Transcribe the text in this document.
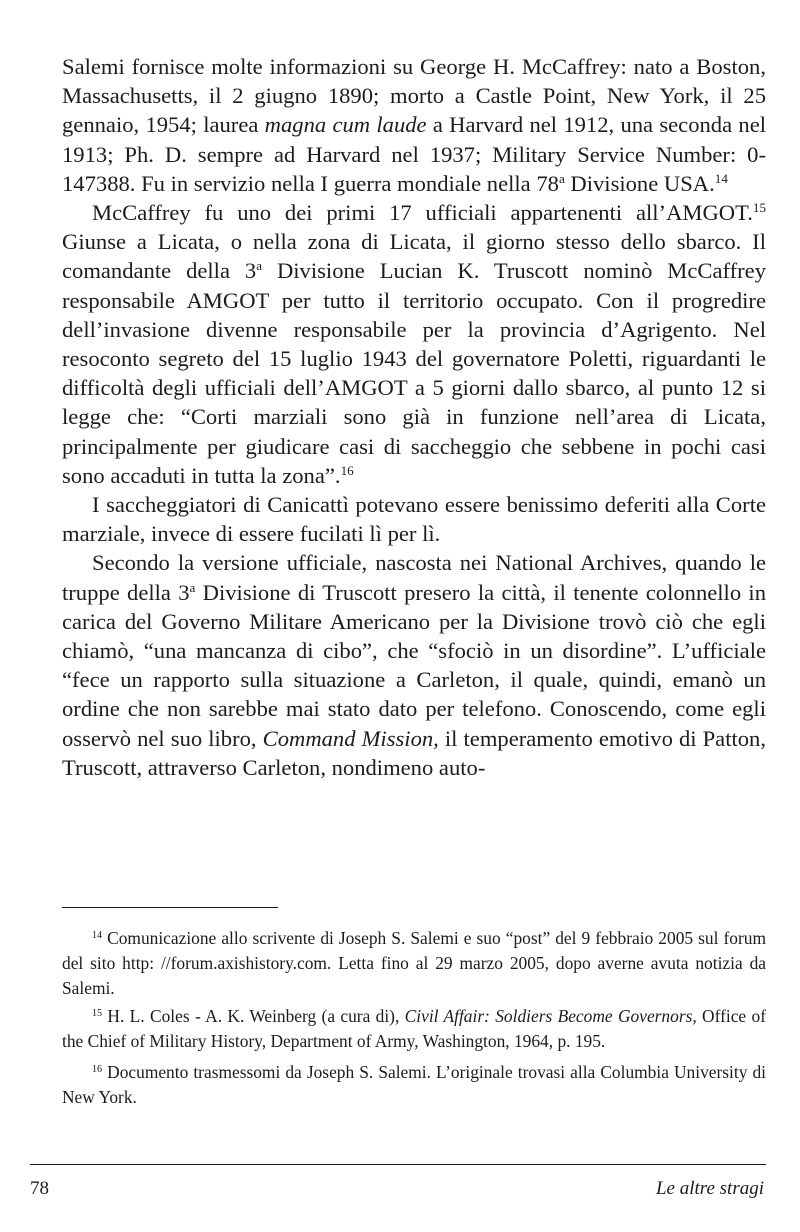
Salemi fornisce molte informazioni su George H. McCaffrey: nato a Boston, Massachusetts, il 2 giugno 1890; morto a Castle Point, New York, il 25 gennaio, 1954; laurea magna cum laude a Harvard nel 1912, una seconda nel 1913; Ph. D. sempre ad Harvard nel 1937; Military Service Number: 0-147388. Fu in servizio nella I guerra mondiale nella 78$^a$ Divisione USA.$^{14}$

McCaffrey fu uno dei primi 17 ufficiali appartenenti all’AMGOT.$^{15}$ Giunse a Licata, o nella zona di Licata, il giorno stesso dello sbarco. Il comandante della 3$^a$ Divisione Lucian K. Truscott nominò McCaffrey responsabile AMGOT per tutto il territorio occupato. Con il progredire dell’invasione divenne responsabile per la provincia d’Agrigento. Nel resoconto segreto del 15 luglio 1943 del governatore Poletti, riguardanti le difficoltà degli ufficiali dell’AMGOT a 5 giorni dallo sbarco, al punto 12 si legge che: “Corti marziali sono già in funzione nell’area di Licata, principalmente per giudicare casi di saccheggio che sebbene in pochi casi sono accaduti in tutta la zona”.$^{16}$

I saccheggiatori di Canicattì potevano essere benissimo deferiti alla Corte marziale, invece di essere fucilati lì per lì.

Secondo la versione ufficiale, nascosta nei National Archives, quando le truppe della 3$^a$ Divisione di Truscott presero la città, il tenente colonnello in carica del Governo Militare Americano per la Divisione trovò ciò che egli chiamò, “una mancanza di cibo”, che “sfociò in un disordine”. L’ufficiale “fece un rapporto sulla situazione a Carleton, il quale, quindi, emanò un ordine che non sarebbe mai stato dato per telefono. Conoscendo, come egli osservò nel suo libro, Command Mission, il temperamento emotivo di Patton, Truscott, attraverso Carleton, nondimeno auto-

$^{14}$ Comunicazione allo scrivente di Joseph S. Salemi e suo “post” del 9 febbraio 2005 sul forum del sito http: //forum.axishistory.com. Letta fino al 29 marzo 2005, dopo averne avuta notizia da Salemi.

$^{15}$ H. L. Coles - A. K. Weinberg (a cura di), Civil Affair: Soldiers Become Governors, Office of the Chief of Military History, Department of Army, Washington, 1964, p. 195.

$^{16}$ Documento trasmessomi da Joseph S. Salemi. L’originale trovasi alla Columbia University di New York.

78	Le altre stragi
